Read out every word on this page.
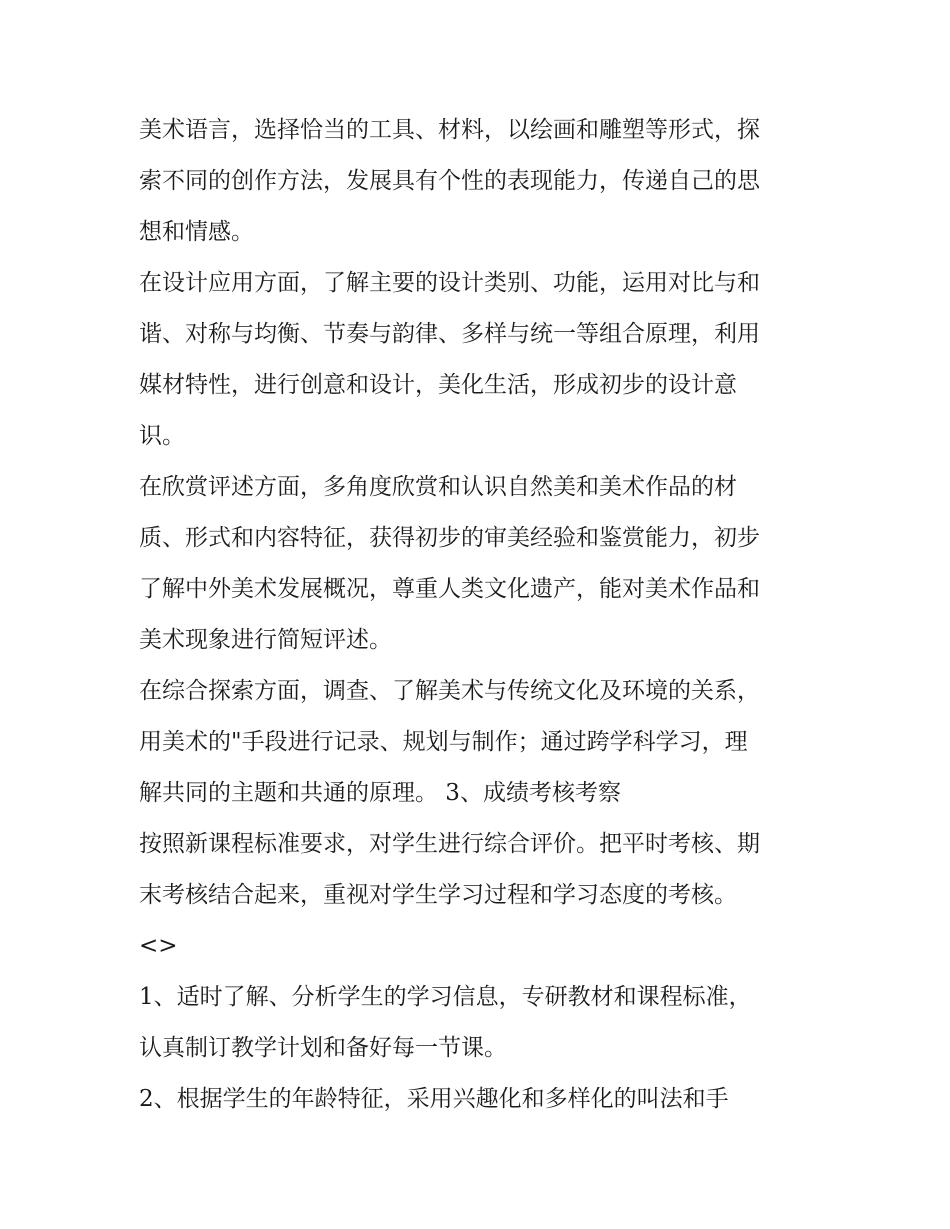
美术语言，选择恰当的工具、材料，以绘画和雕塑等形式，探
索不同的创作方法，发展具有个性的表现能力，传递自己的思
想和情感。
在设计应用方面，了解主要的设计类别、功能，运用对比与和
谐、对称与均衡、节奏与韵律、多样与统一等组合原理，利用
媒材特性，进行创意和设计，美化生活，形成初步的设计意
识。
在欣赏评述方面，多角度欣赏和认识自然美和美术作品的材
质、形式和内容特征，获得初步的审美经验和鉴赏能力，初步
了解中外美术发展概况，尊重人类文化遗产，能对美术作品和
美术现象进行简短评述。
在综合探索方面，调查、了解美术与传统文化及环境的关系，
用美术的"手段进行记录、规划与制作；通过跨学科学习，理
解共同的主题和共通的原理。 3、成绩考核考察
按照新课程标准要求，对学生进行综合评价。把平时考核、期
末考核结合起来，重视对学生学习过程和学习态度的考核。
<>
1、适时了解、分析学生的学习信息，专研教材和课程标准，
认真制订教学计划和备好每一节课。
2、根据学生的年龄特征，采用兴趣化和多样化的叫法和手
